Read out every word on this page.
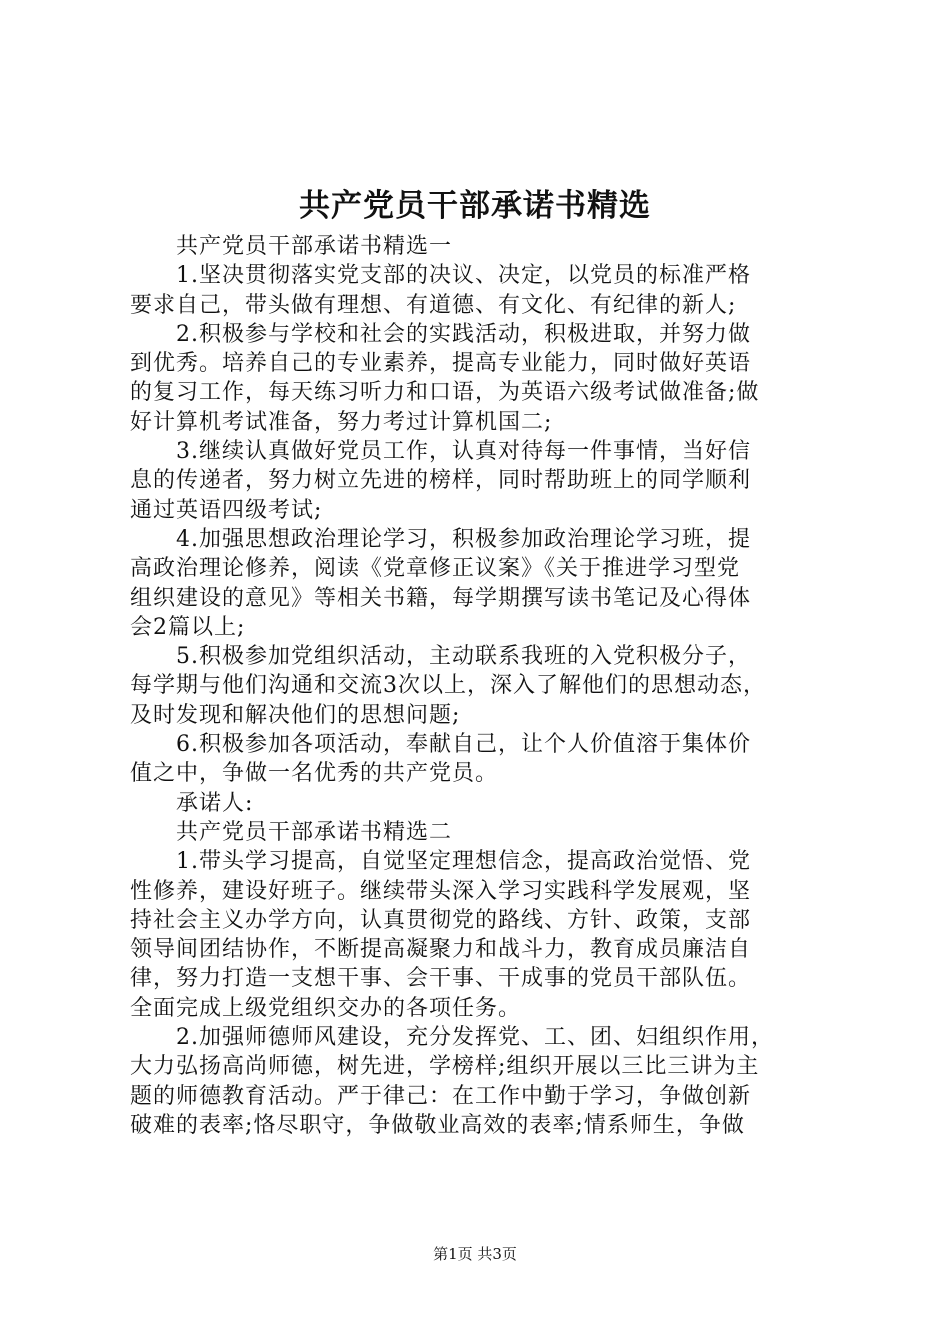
共产党员干部承诺书精选
共产党员干部承诺书精选一
1.坚决贯彻落实党支部的决议、决定，以党员的标准严格
要求自己，带头做有理想、有道德、有文化、有纪律的新人;
2.积极参与学校和社会的实践活动，积极进取，并努力做
到优秀。培养自己的专业素养，提高专业能力，同时做好英语
的复习工作，每天练习听力和口语，为英语六级考试做准备;做
好计算机考试准备，努力考过计算机国二;
3.继续认真做好党员工作，认真对待每一件事情，当好信
息的传递者，努力树立先进的榜样，同时帮助班上的同学顺利
通过英语四级考试;
4.加强思想政治理论学习，积极参加政治理论学习班，提
高政治理论修养，阅读《党章修正议案》《关于推进学习型党
组织建设的意见》等相关书籍，每学期撰写读书笔记及心得体
会2篇以上;
5.积极参加党组织活动，主动联系我班的入党积极分子，
每学期与他们沟通和交流3次以上，深入了解他们的思想动态，
及时发现和解决他们的思想问题;
6.积极参加各项活动，奉献自己，让个人价值溶于集体价
值之中，争做一名优秀的共产党员。
承诺人:
共产党员干部承诺书精选二
1.带头学习提高，自觉坚定理想信念，提高政治觉悟、党
性修养，建设好班子。继续带头深入学习实践科学发展观，坚
持社会主义办学方向，认真贯彻党的路线、方针、政策，支部
领导间团结协作，不断提高凝聚力和战斗力，教育成员廉洁自
律，努力打造一支想干事、会干事、干成事的党员干部队伍。
全面完成上级党组织交办的各项任务。
2.加强师德师风建设，充分发挥党、工、团、妇组织作用，
大力弘扬高尚师德，树先进，学榜样;组织开展以三比三讲为主
题的师德教育活动。严于律己：在工作中勤于学习，争做创新
破难的表率;恪尽职守，争做敬业高效的表率;情系师生，争做
第1页 共3页
